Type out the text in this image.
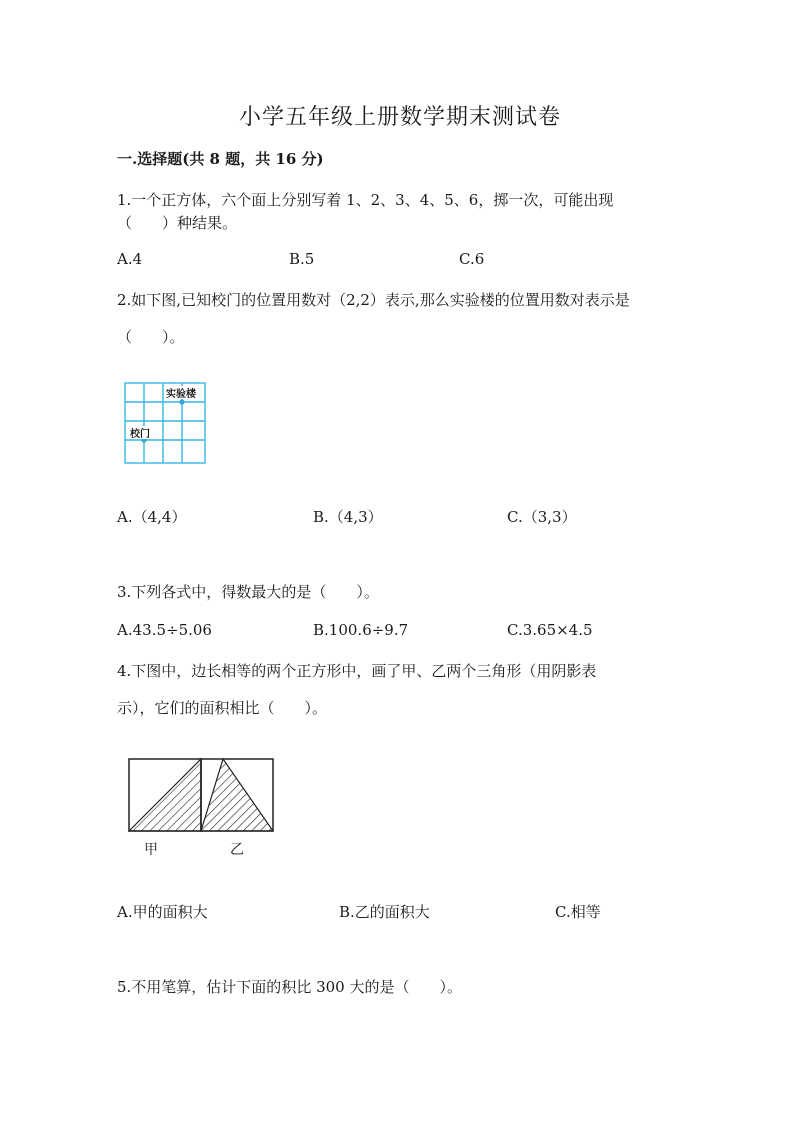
小学五年级上册数学期末测试卷
一.选择题(共 8 题，共 16 分)
1.一个正方体，六个面上分别写着 1、2、3、4、5、6，掷一次，可能出现
（　　）种结果。
A.4	B.5	C.6
2.如下图,已知校门的位置用数对（2,2）表示,那么实验楼的位置用数对表示是
（　　）。
实验楼
校门
A.（4,4）	B.（4,3）	C.（3,3）
3.下列各式中，得数最大的是（　　）。
A.43.5÷5.06	B.100.6÷9.7	C.3.65×4.5
4.下图中，边长相等的两个正方形中，画了甲、乙两个三角形（用阴影表
示），它们的面积相比（　　）。
甲	乙
A.甲的面积大	B.乙的面积大	C.相等
5.不用笔算，估计下面的积比 300 大的是（　　）。
